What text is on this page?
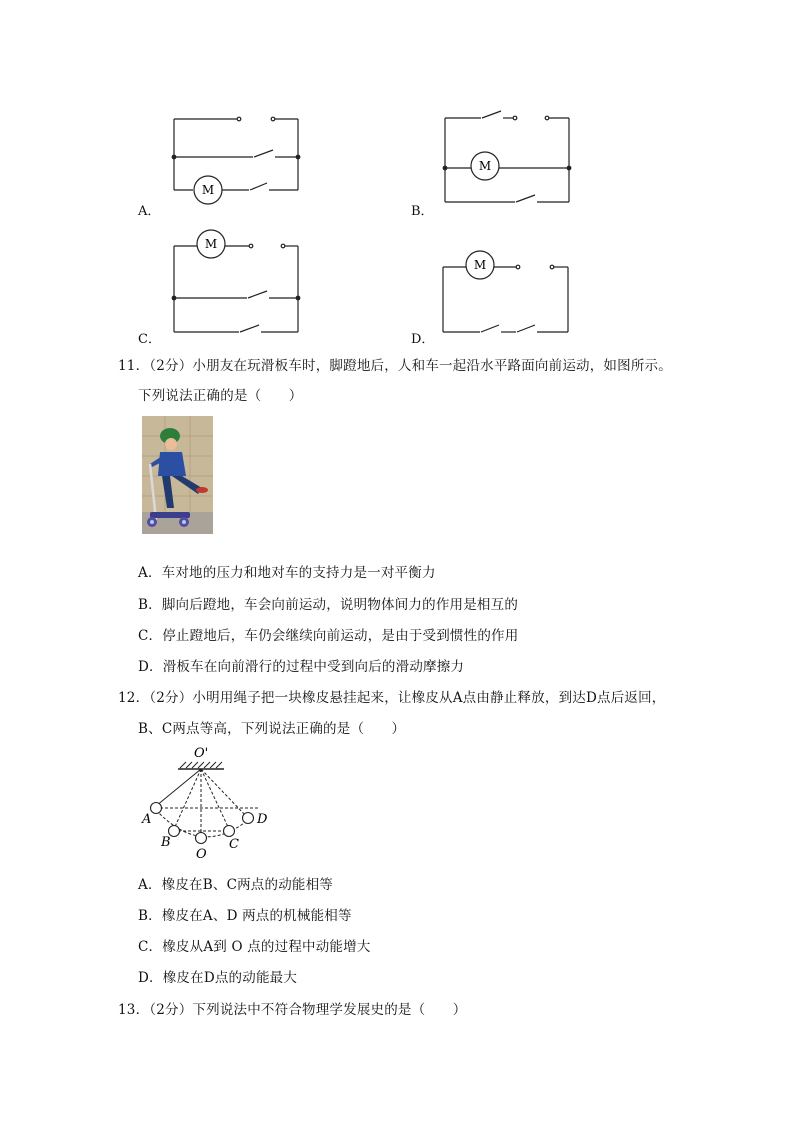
M
A．
M
B．
M
C．
M
D．
11．（2分）小朋友在玩滑板车时，脚蹬地后，人和车一起沿水平路面向前运动，如图所示。
下列说法正确的是（　　）
A．车对地的压力和地对车的支持力是一对平衡力
B．脚向后蹬地，车会向前运动，说明物体间力的作用是相互的
C．停止蹬地后，车仍会继续向前运动，是由于受到惯性的作用
D．滑板车在向前滑行的过程中受到向后的滑动摩擦力
12．（2分）小明用绳子把一块橡皮悬挂起来，让橡皮从A点由静止释放，到达D点后返回，
B、C两点等高，下列说法正确的是（　　）
O'
A
B
O
C
D
A．橡皮在B、C两点的动能相等
B．橡皮在A、D 两点的机械能相等
C．橡皮从A到 O 点的过程中动能增大
D．橡皮在D点的动能最大
13．（2分）下列说法中不符合物理学发展史的是（　　）
